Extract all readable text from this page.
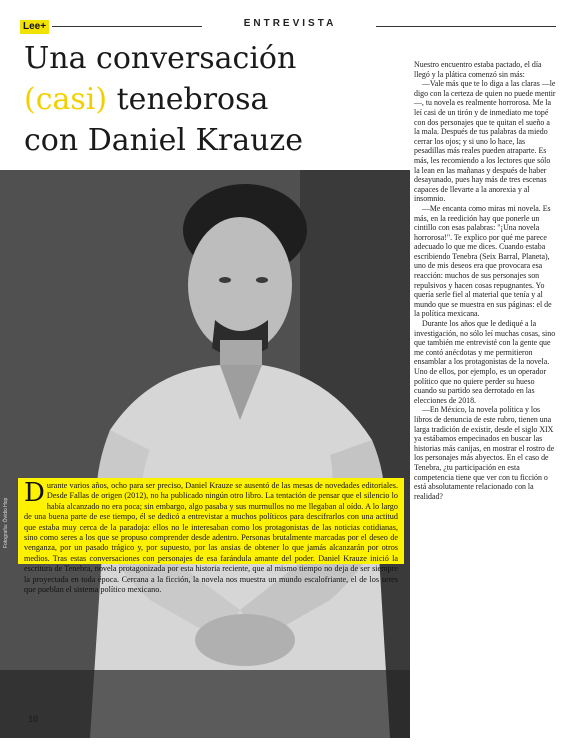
Lee+	ENTREVISTA
Una conversación
(casi) tenebrosa
con Daniel Krauze
Fotografía: Óvidio Hop
Durante varios años, ocho para ser preciso, Daniel Krauze se ausentó de las mesas de novedades editoriales. Desde Fallas de origen (2012), no ha publicado ningún otro libro. La tentación de pensar que el silencio lo había alcanzado no era poca; sin embargo, algo pasaba y sus murmullos no me llegaban al oído. A lo largo de una buena parte de ese tiempo, él se dedicó a entrevistar a muchos políticos para descifrarlos con una actitud que estaba muy cerca de la paradoja: ellos no le interesaban como los protagonistas de las noticias cotidianas, sino como seres a los que se propuso comprender desde adentro. Personas brutalmente marcadas por el deseo de venganza, por un pasado trágico y, por supuesto, por las ansias de obtener lo que jamás alcanzarán por otros medios. Tras estas conversaciones con personajes de esa farándula amante del poder. Daniel Krauze inició la escritura de Tenebra, novela protagonizada por esta historia reciente, que al mismo tiempo no deja de ser siempre la proyectada en toda época. Cercana a la ficción, la novela nos muestra un mundo escalofriante, el de los seres que pueblan el sistema político mexicano.

Nuestro encuentro estaba pactado, el día llegó y la plática comenzó sin más:

—Vale más que te lo diga a las claras —le digo con la certeza de quien no puede mentir—, tu novela es realmente horrorosa. Me la leí casi de un tirón y de inmediato me topé con dos personajes que te quitan el sueño a la mala. Después de tus palabras da miedo cerrar los ojos; y si uno lo hace, las pesadillas más reales pueden atraparte. Es más, les recomiendo a los lectores que sólo la lean en las mañanas y después de haber desayunado, pues hay más de tres escenas capaces de llevarte a la anorexia y al insomnio.

—Me encanta como miras mi novela. Es más, en la reedición hay que ponerle un cintillo con esas palabras: "¡Una novela horrorosa!". Te explico por qué me parece adecuado lo que me dices. Cuando estaba escribiendo Tenebra (Seix Barral, Planeta), uno de mis deseos era que provocara esa reacción: muchos de sus personajes son repulsivos y hacen cosas repugnantes. Yo quería serle fiel al material que tenía y al mundo que se muestra en sus páginas: el de la política mexicana.

Durante los años que le dediqué a la investigación, no sólo leí muchas cosas, sino que también me entrevisté con la gente que me contó anécdotas y me permitieron ensamblar a los protagonistas de la novela. Uno de ellos, por ejemplo, es un operador político que no quiere perder su hueso cuando su partido sea derrotado en las elecciones de 2018.

—En México, la novela política y los libros de denuncia de este rubro, tienen una larga tradición de existir, desde el siglo XIX ya estábamos empecinados en buscar las historias más canijas, en mostrar el rostro de los personajes más abyectos. En el caso de Tenebra, ¿tu participación en esta competencia tiene que ver con tu ficción o está absolutamente relacionado con la realidad?

10
